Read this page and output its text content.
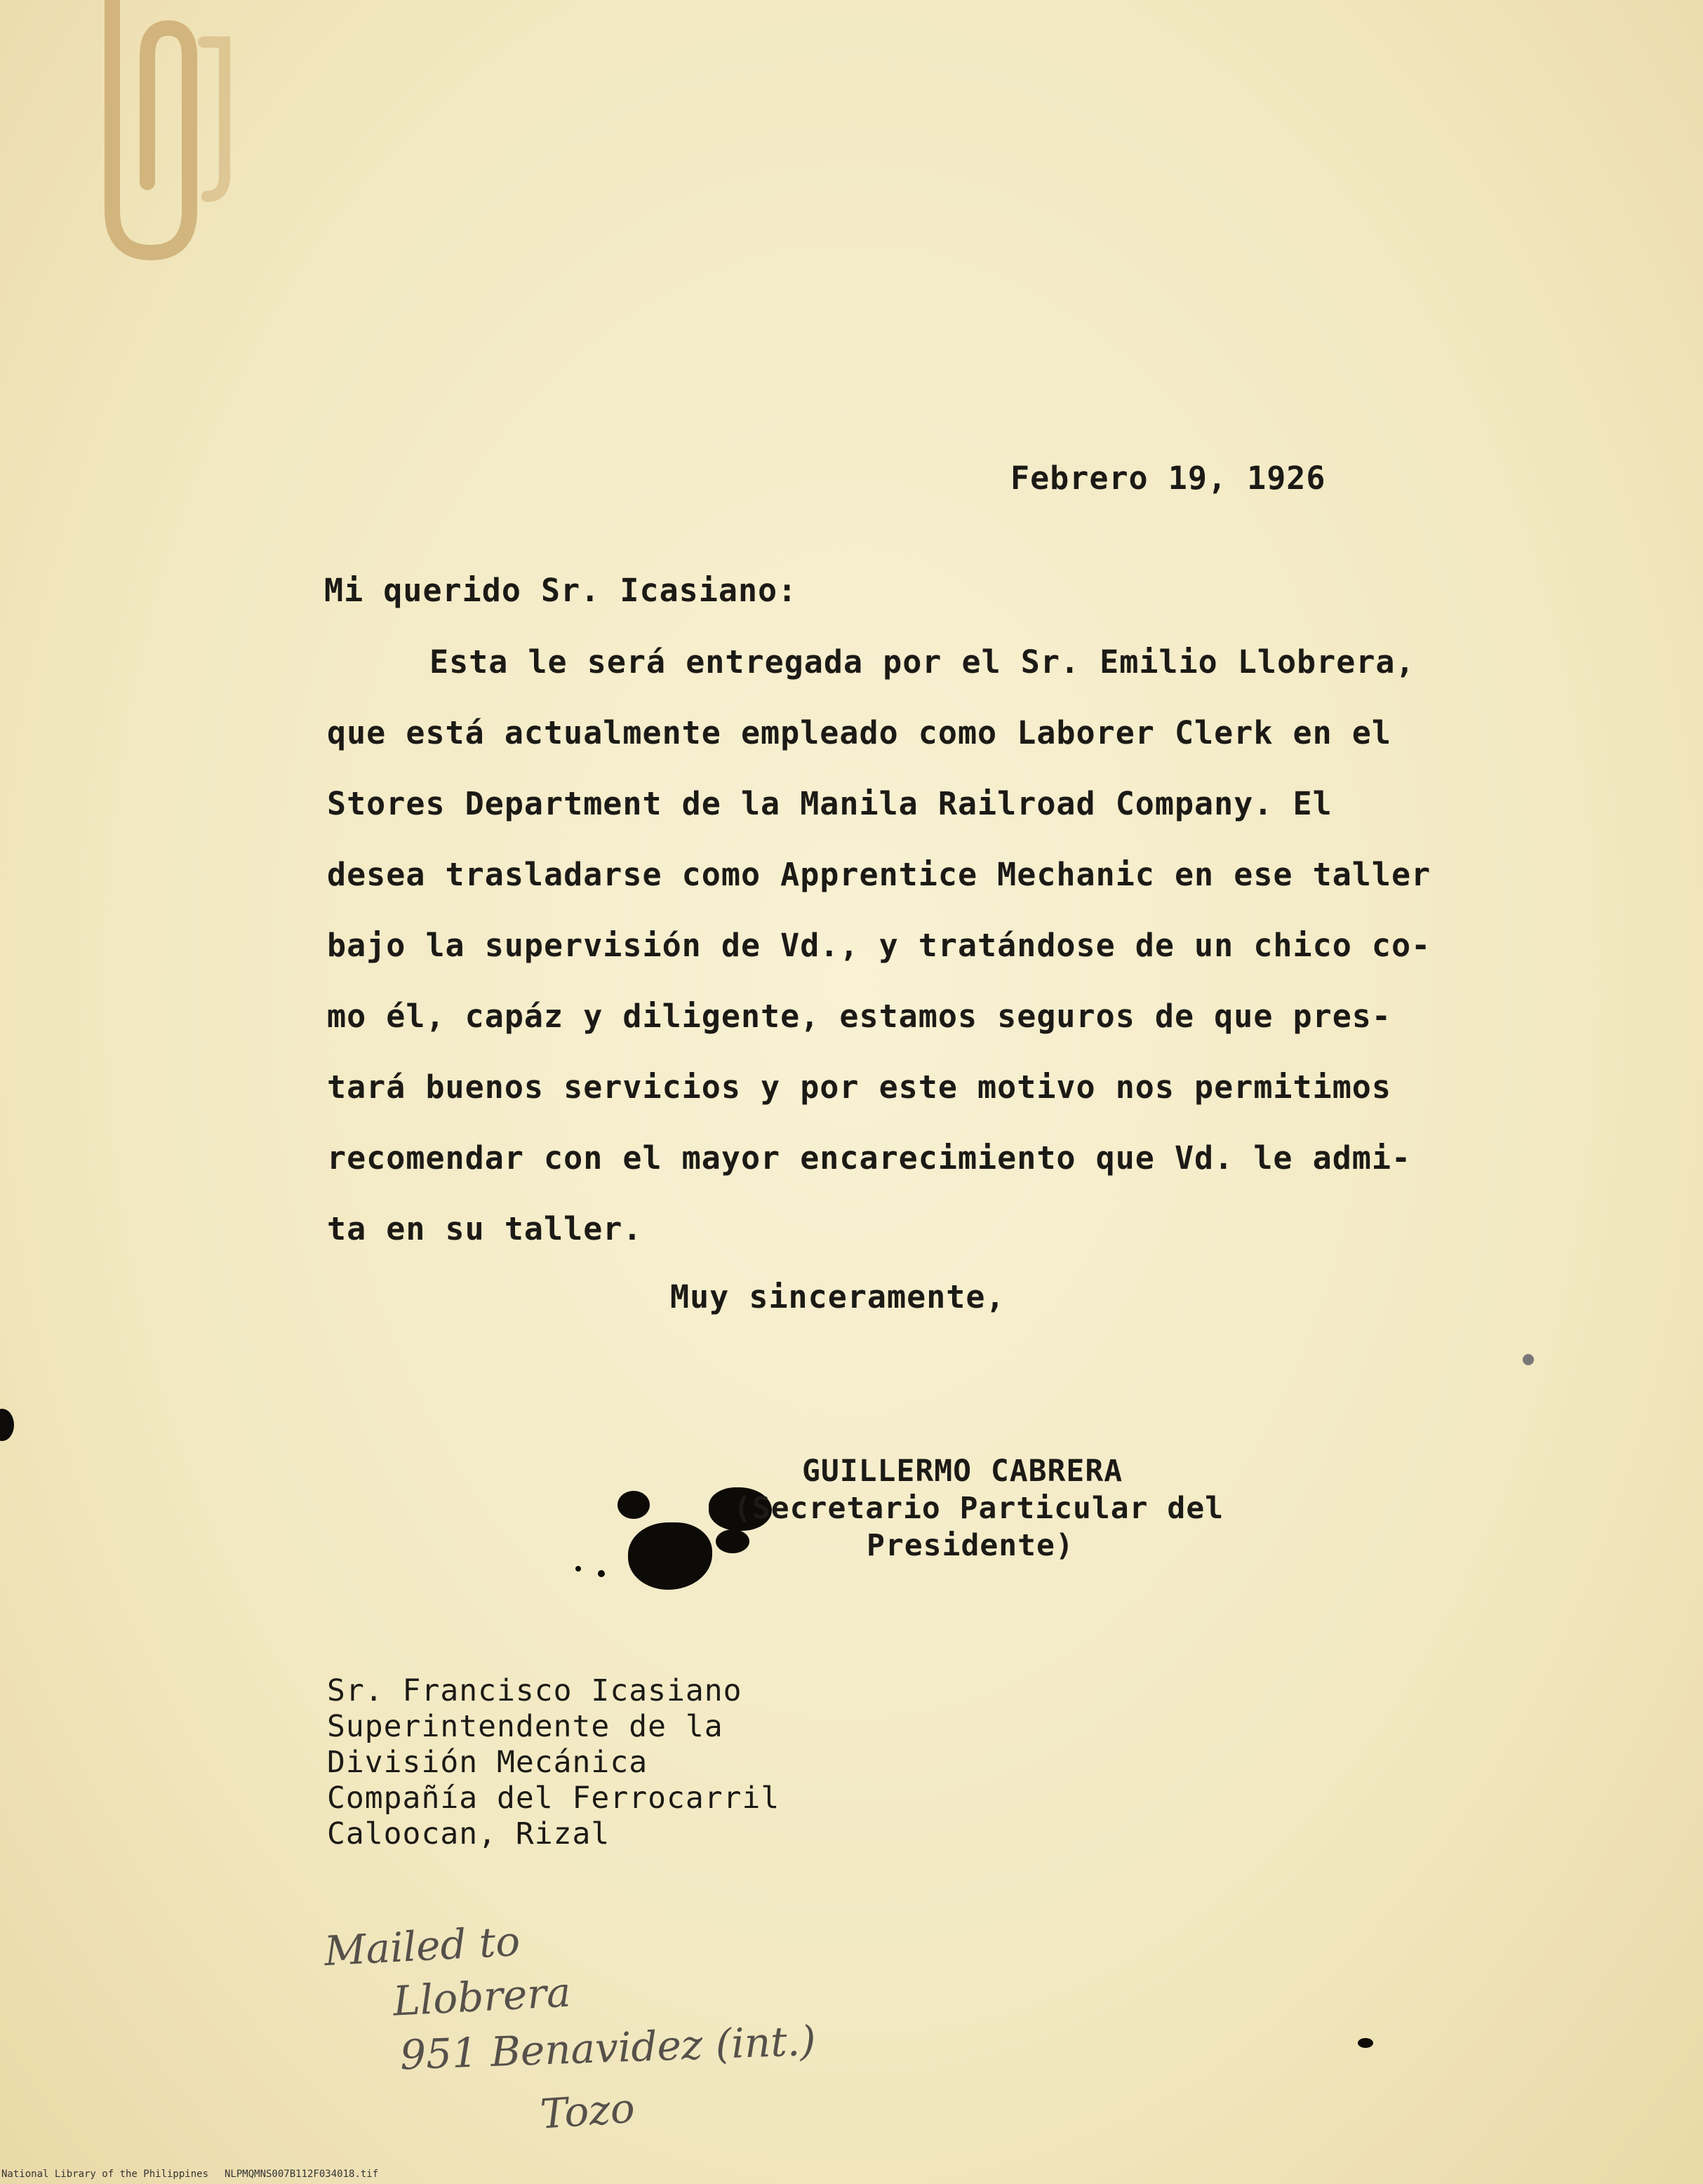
Febrero 19, 1926
Mi querido Sr. Icasiano:
Esta le será entregada por el Sr. Emilio Llobrera,
que está actualmente empleado como Laborer Clerk en el
Stores Department de la Manila Railroad Company. El
desea trasladarse como Apprentice Mechanic en ese taller
bajo la supervisión de Vd., y tratándose de un chico co-
mo él, capáz y diligente, estamos seguros de que pres-
tará buenos servicios y por este motivo nos permitimos
recomendar con el mayor encarecimiento que Vd. le admi-
ta en su taller.
Muy sinceramente,
GUILLERMO CABRERA
(Secretario Particular del
Presidente)
Sr. Francisco Icasiano
Superintendente de la
División Mecánica
Compañía del Ferrocarril
Caloocan, Rizal
Mailed to
Llobrera
951 Benavidez (int.)
Tozo
National Library of the Philippines NLPMQMNS007B112F034018.tif
